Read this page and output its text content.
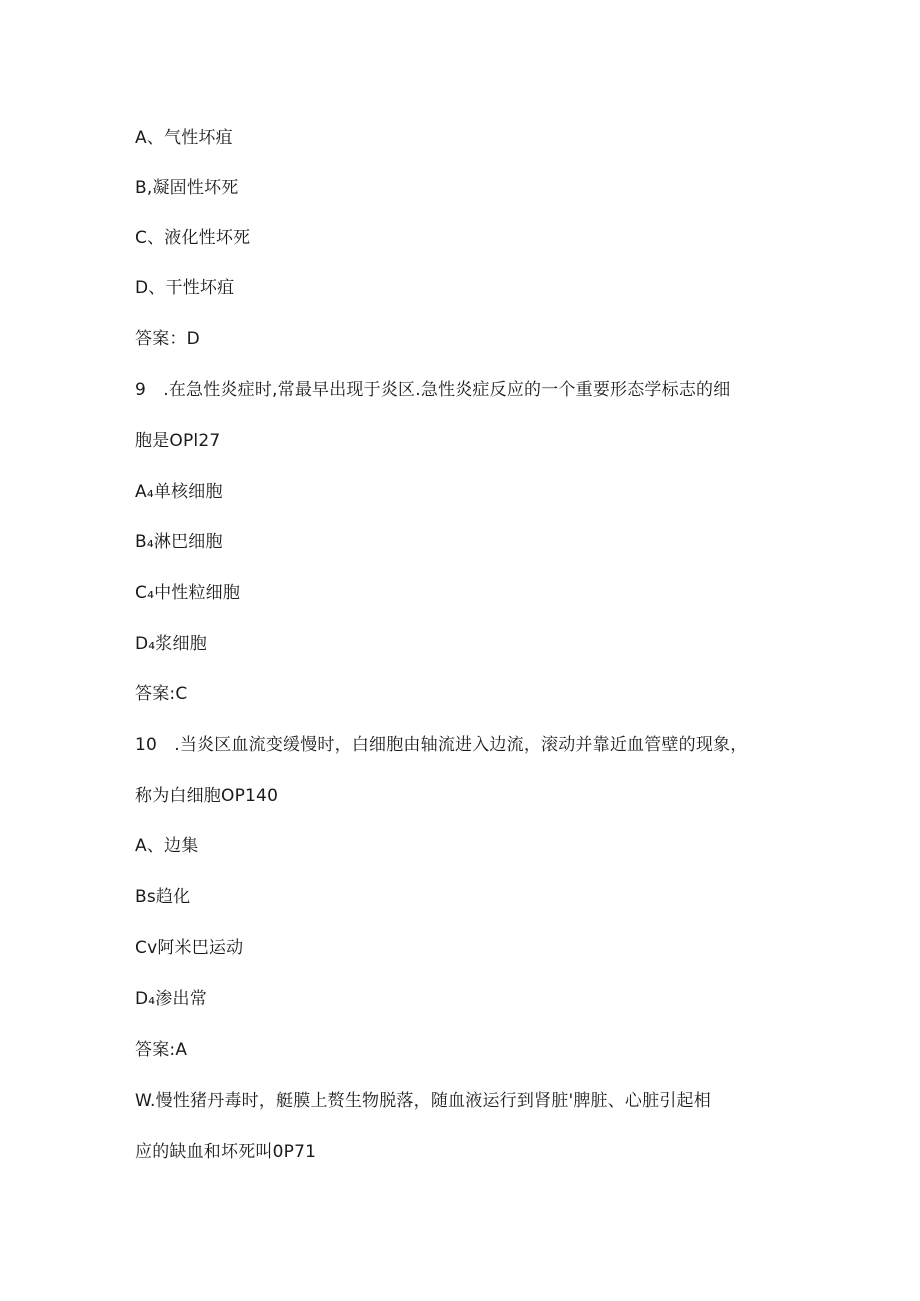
A、气性坏疽
B,凝固性坏死
C、液化性坏死
D、干性坏疽
答案：D
9　.在急性炎症时,常最早出现于炎区.急性炎症反应的一个重要形态学标志的细
胞是OPl27
A₄单核细胞
B₄淋巴细胞
C₄中性粒细胞
D₄浆细胞
答案:C
10　.当炎区血流变缓慢时，白细胞由轴流进入边流，滚动并靠近血管壁的现象，
称为白细胞OP140
A、边集
Bs趋化
Cv阿米巴运动
D₄渗出常
答案:A
W.慢性猪丹毒时，艇膜上赘生物脱落，随血液运行到肾脏'脾脏、心脏引起相
应的缺血和坏死叫0P71
